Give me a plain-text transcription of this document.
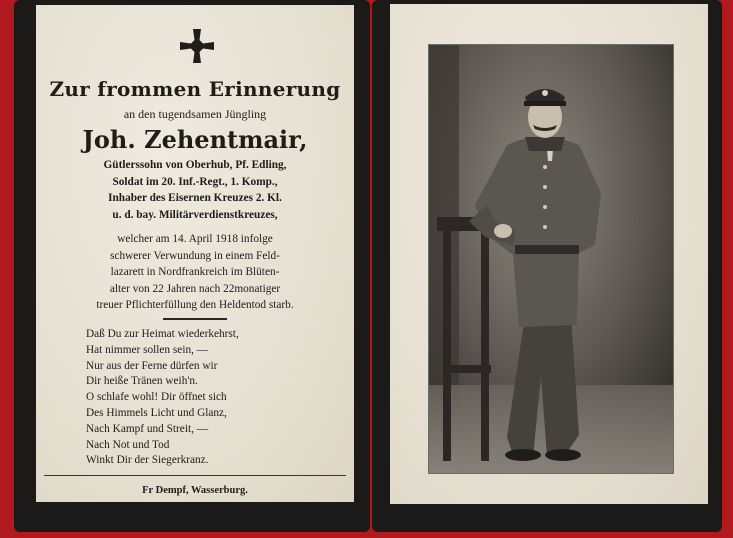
Zur frommen Erinnerung
an den tugendsamen Jüngling
Joh. Zehentmair,
Gütlerssohn von Oberhub, Pf. Edling,
Soldat im 20. Inf.-Regt., 1. Komp.,
Inhaber des Eisernen Kreuzes 2. Kl.
u. d. bay. Militärverdienstkreuzes,
welcher am 14. April 1918 infolge
schwerer Verwundung in einem Feld-
lazarett in Nordfrankreich im Blüten-
alter von 22 Jahren nach 22monatiger
treuer Pflichterfüllung den Heldentod starb.
Daß Du zur Heimat wiederkehrst,
Hat nimmer sollen sein, —
Nur aus der Ferne dürfen wir
Dir heiße Tränen weih'n.
O schlafe wohl! Dir öffnet sich
Des Himmels Licht und Glanz,
Nach Kampf und Streit, —
Nach Not und Tod
Winkt Dir der Siegerkranz.
Fr Dempf, Wasserburg.
